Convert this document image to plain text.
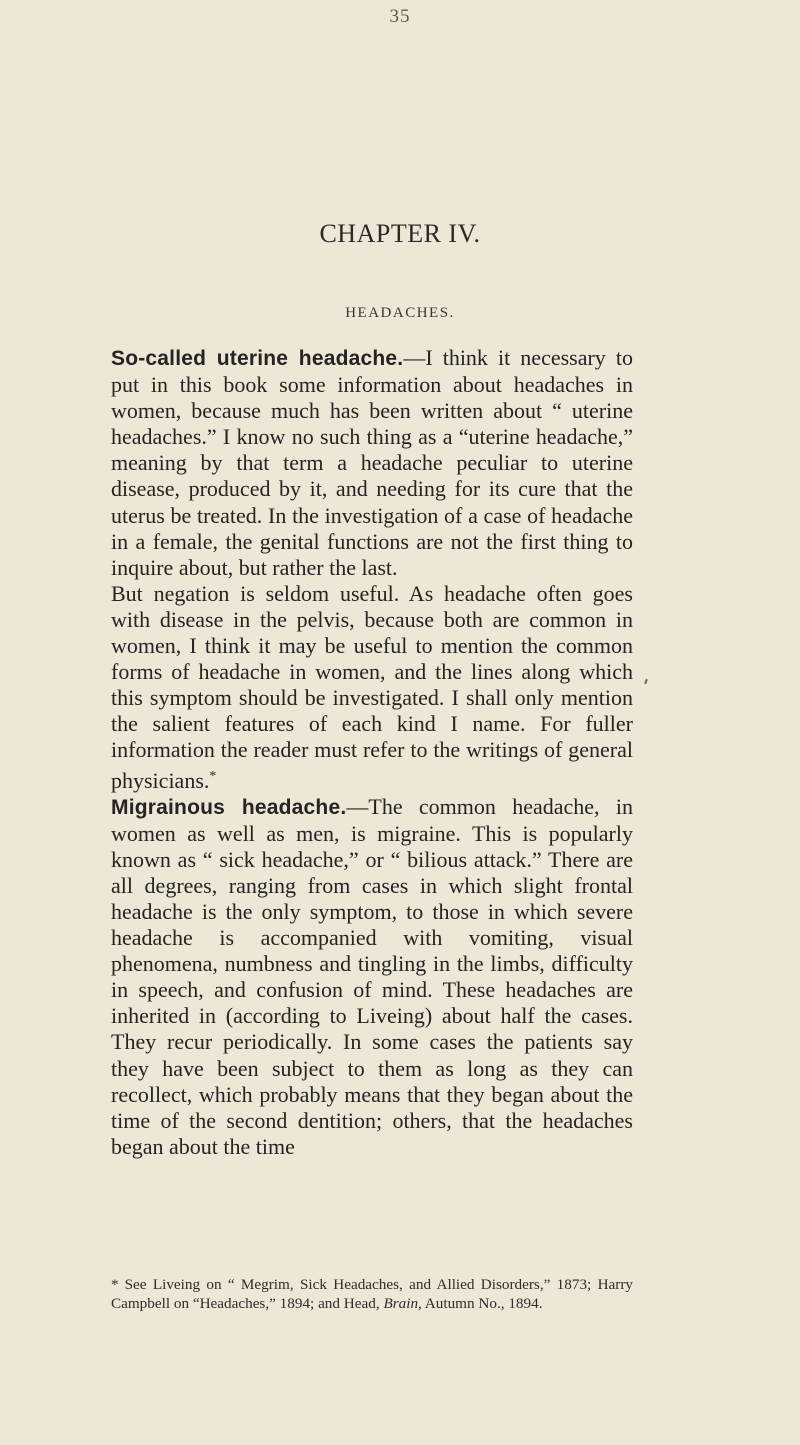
35
CHAPTER IV.
HEADACHES.

So-called uterine headache.—I think it necessary to put in this book some information about headaches in women, because much has been written about “ uterine headaches.” I know no such thing as a “uterine headache,” meaning by that term a headache peculiar to uterine disease, produced by it, and needing for its cure that the uterus be treated. In the investigation of a case of headache in a female, the genital functions are not the first thing to inquire about, but rather the last.

But negation is seldom useful. As headache often goes with disease in the pelvis, because both are common in women, I think it may be useful to mention the common forms of headache in women, and the lines along which this symptom should be investigated. I shall only mention the salient features of each kind I name. For fuller information the reader must refer to the writings of general physicians.*

Migrainous headache.—The common headache, in women as well as men, is migraine. This is popularly known as “ sick headache,” or “ bilious attack.” There are all degrees, ranging from cases in which slight frontal headache is the only symptom, to those in which severe headache is accompanied with vomiting, visual phenomena, numbness and tingling in the limbs, difficulty in speech, and confusion of mind. These headaches are inherited in (according to Liveing) about half the cases. They recur periodically. In some cases the patients say they have been subject to them as long as they can recollect, which probably means that they began about the time of the second dentition; others, that the headaches began about the time

* See Liveing on “ Megrim, Sick Headaches, and Allied Disorders,” 1873; Harry Campbell on “Headaches,” 1894; and Head, Brain, Autumn No., 1894.
